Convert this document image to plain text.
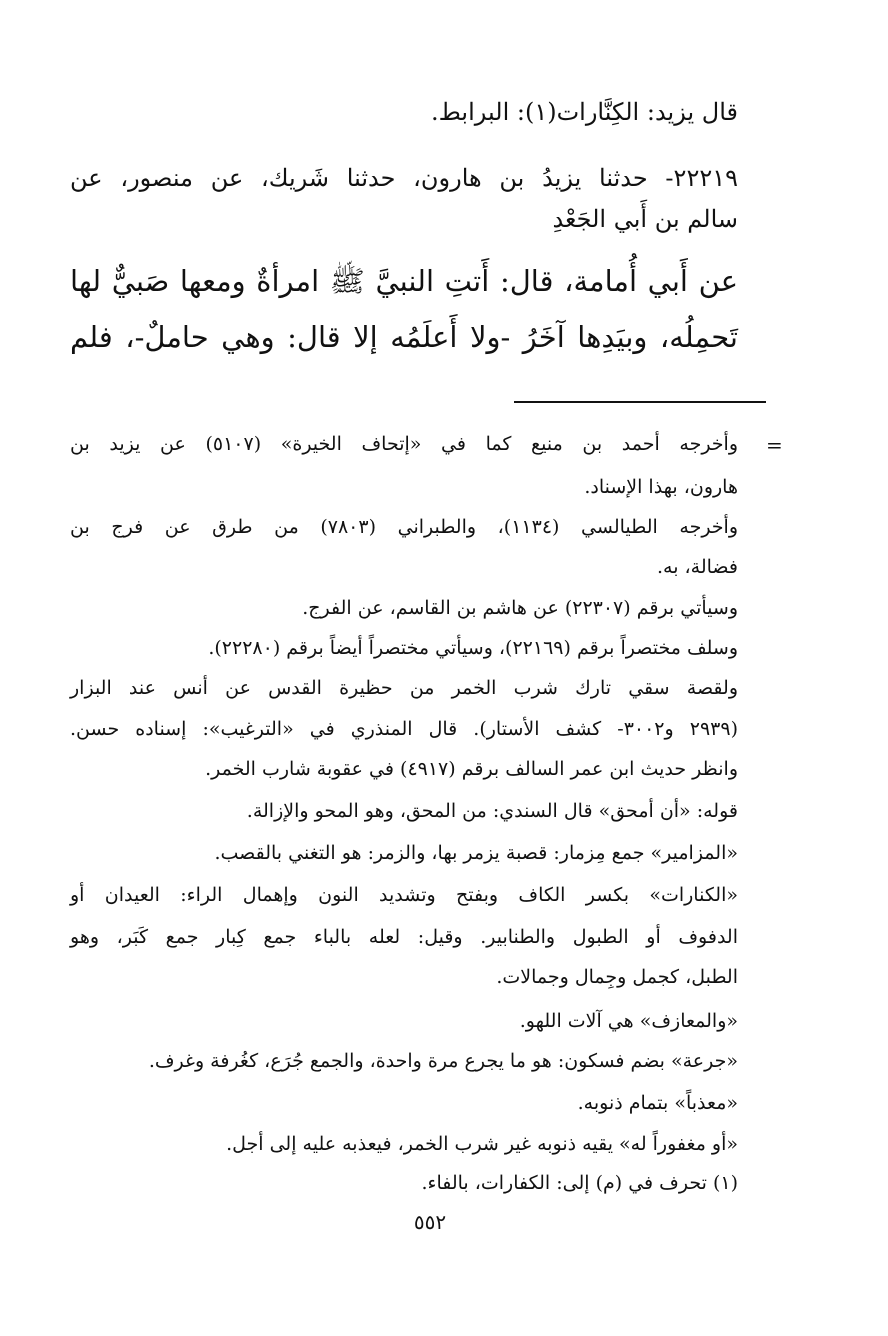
قال يزيد: الكِنَّارات(١): البرابط.
٢٢٢١٩- حدثنا يزيدُ بن هارون، حدثنا شَريك، عن منصور، عن
سالم بن أَبي الجَعْدِ
عن أَبي أُمامة، قال: أَتتِ النبيَّ ﷺ امرأةٌ ومعها صَبيٌّ لها
تَحمِلُه، وبيَدِها آخَرُ -ولا أَعلَمُه إلا قال: وهي حاملٌ-، فلم
=
وأخرجه أحمد بن منيع كما في «إتحاف الخيرة» (٥١٠٧) عن يزيد بن
هارون، بهذا الإسناد.
وأخرجه الطيالسي (١١٣٤)، والطبراني (٧٨٠٣) من طرق عن فرج بن
فضالة، به.
وسيأتي برقم (٢٢٣٠٧) عن هاشم بن القاسم، عن الفرج.
وسلف مختصراً برقم (٢٢١٦٩)، وسيأتي مختصراً أيضاً برقم (٢٢٢٨٠).
ولقصة سقي تارك شرب الخمر من حظيرة القدس عن أنس عند البزار
(٢٩٣٩ و٣٠٠٢- كشف الأستار). قال المنذري في «الترغيب»: إسناده حسن.
وانظر حديث ابن عمر السالف برقم (٤٩١٧) في عقوبة شارب الخمر.
قوله: «أن أمحق» قال السندي: من المحق، وهو المحو والإزالة.
«المزامير» جمع مِزمار: قصبة يزمر بها، والزمر: هو التغني بالقصب.
«الكنارات» بكسر الكاف وبفتح وتشديد النون وإهمال الراء: العيدان أو
الدفوف أو الطبول والطنابير. وقيل: لعله بالباء جمع كِبار جمع كَبَر، وهو
الطبل، كجمل وجِمال وجمالات.
«والمعازف» هي آلات اللهو.
«جرعة» بضم فسكون: هو ما يجرع مرة واحدة، والجمع جُرَع، كغُرفة وغرف.
«معذباً» بتمام ذنوبه.
«أو مغفوراً له» يقيه ذنوبه غير شرب الخمر، فيعذبه عليه إلى أجل.
(١) تحرف في (م) إلى: الكفارات، بالفاء.
٥٥٢
